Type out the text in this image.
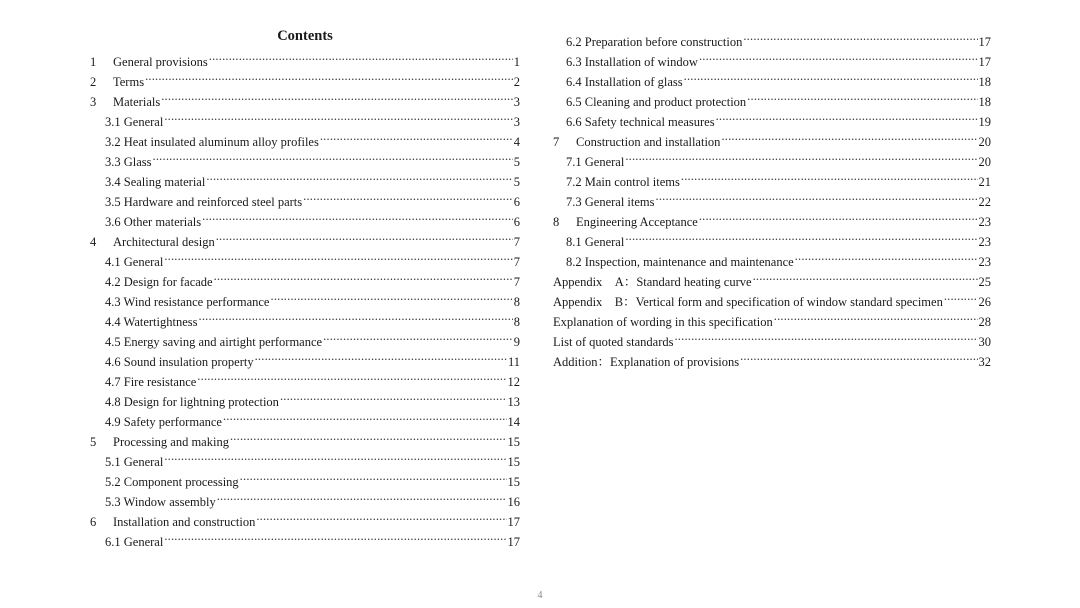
Contents
1 General provisions .....	1
2 Terms .....	2
3 Materials .....	3
3.1 General .....	3
3.2 Heat insulated aluminum alloy profiles .....	4
3.3 Glass .....	5
3.4 Sealing material .....	5
3.5 Hardware and reinforced steel parts .....	6
3.6 Other materials .....	6
4 Architectural design .....	7
4.1 General .....	7
4.2 Design for facade .....	7
4.3 Wind resistance performance .....	8
4.4 Watertightness .....	8
4.5 Energy saving and airtight performance .....	9
4.6 Sound insulation property .....	11
4.7 Fire resistance .....	12
4.8 Design for lightning protection .....	13
4.9 Safety performance .....	14
5 Processing and making .....	15
5.1 General .....	15
5.2 Component processing .....	15
5.3 Window assembly .....	16
6 Installation and construction .....	17
6.1 General .....	17
6.2 Preparation before construction .....	17
6.3 Installation of window .....	17
6.4 Installation of glass .....	18
6.5 Cleaning and product protection .....	18
6.6 Safety technical measures .....	19
7 Construction and installation .....	20
7.1 General .....	20
7.2 Main control items .....	21
7.3 General items .....	22
8 Engineering Acceptance .....	23
8.1 General .....	23
8.2 Inspection, maintenance and maintenance .....	23
Appendix　A：Standard heating curve .....	25
Appendix　B：Vertical form and specification of window standard specimen .....	26
Explanation of wording in this specification .....	28
List of quoted standards .....	30
Addition：Explanation of provisions .....	32
4
